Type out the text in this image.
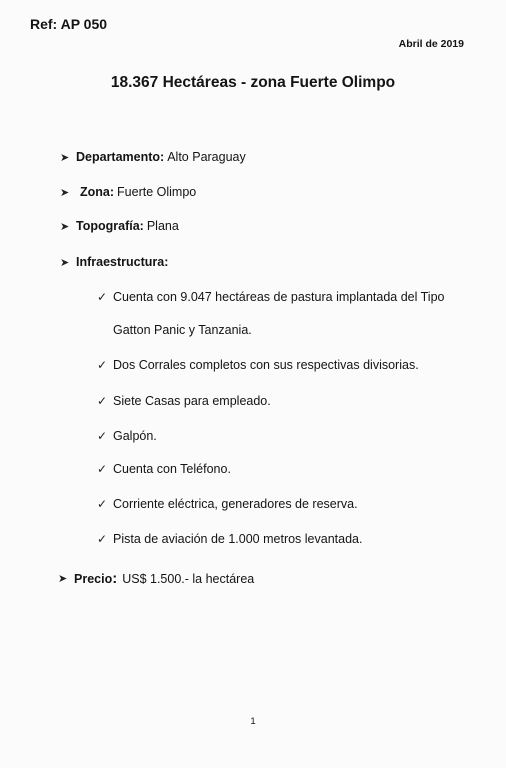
Ref: AP 050
Abril de 2019
18.367 Hectáreas - zona Fuerte Olimpo
➤ Departamento: Alto Paraguay
➤ Zona: Fuerte Olimpo
➤ Topografía: Plana
➤ Infraestructura:
✓ Cuenta con 9.047 hectáreas de pastura implantada del Tipo
Gatton Panic y Tanzania.
✓ Dos Corrales completos con sus respectivas divisorias.
✓ Siete Casas para empleado.
✓ Galpón.
✓ Cuenta con Teléfono.
✓ Corriente eléctrica, generadores de reserva.
✓ Pista de aviación de 1.000 metros levantada.
➤ Precio : US$ 1.500.- la hectárea
1
